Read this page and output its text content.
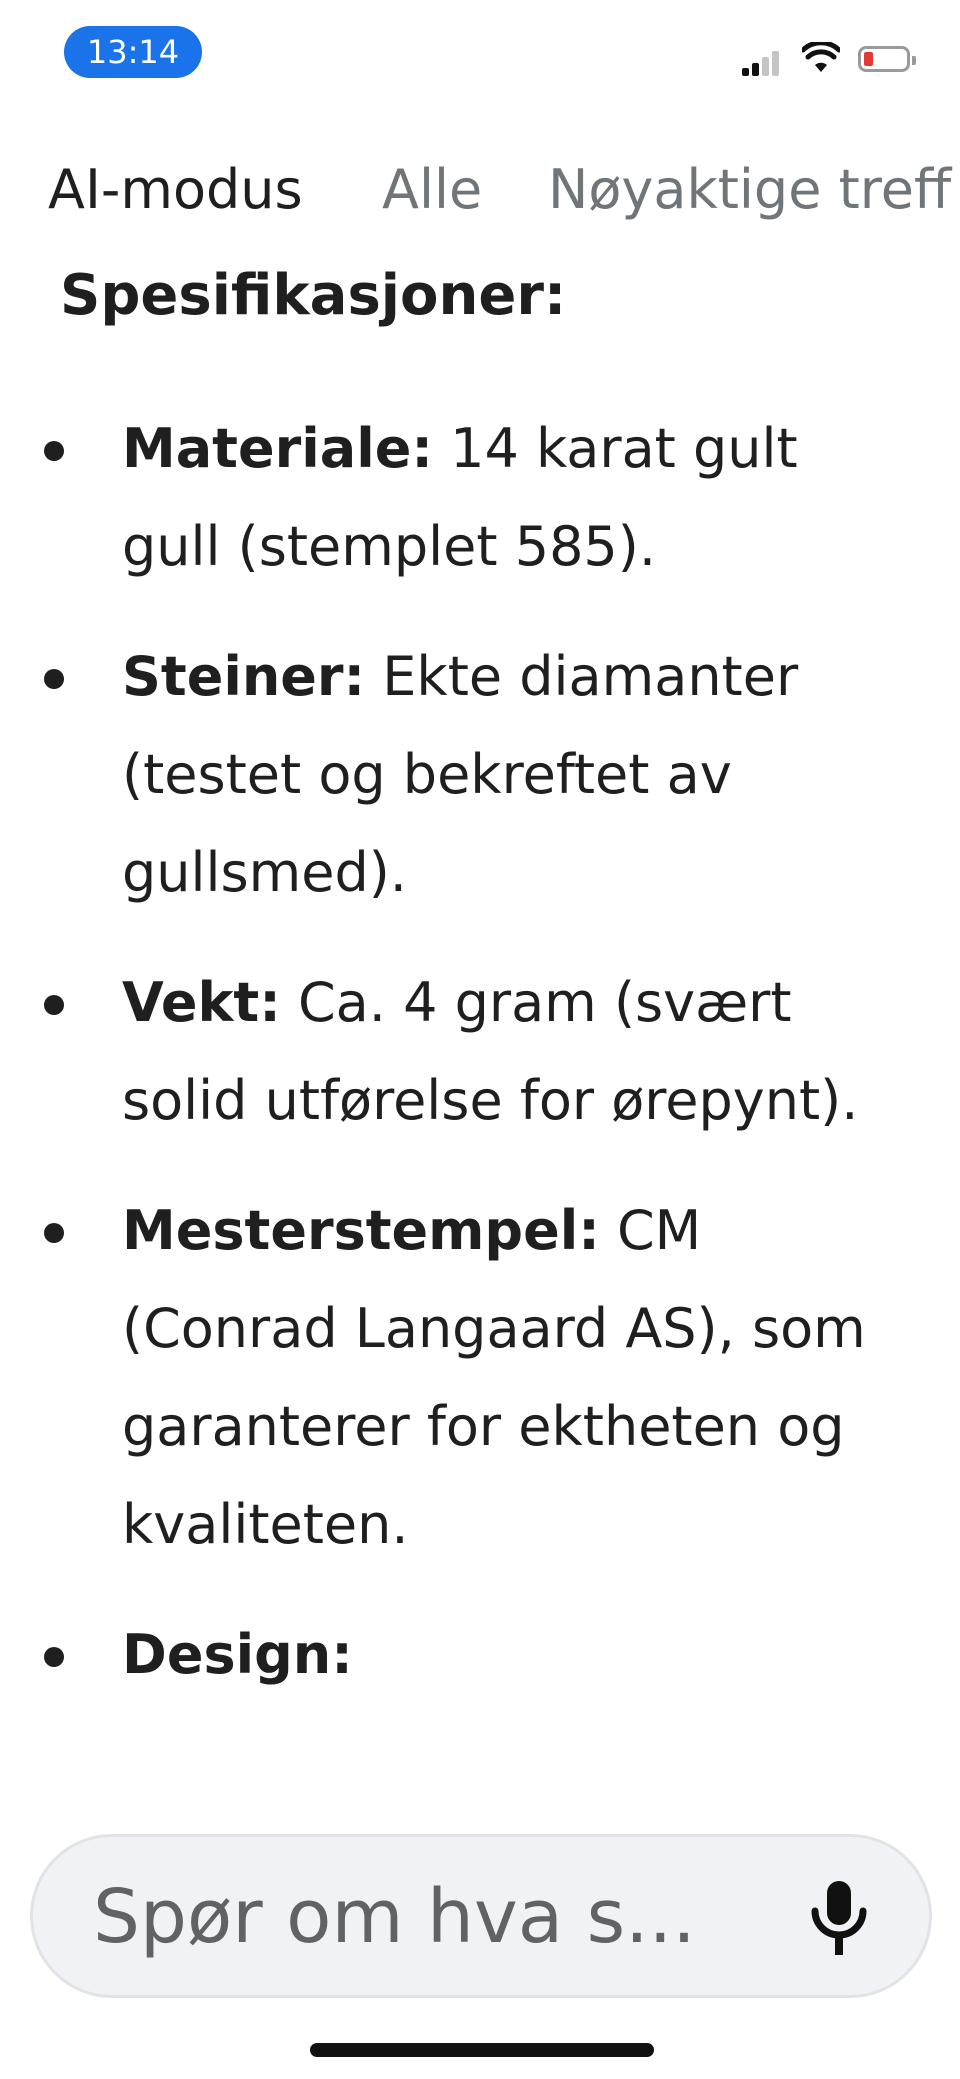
13:14
AI-modus Alle Nøyaktige treff
Spesifikasjoner:
Materiale: 14 karat gult gull (stemplet 585).
Steiner: Ekte diamanter (testet og bekreftet av gullsmed).
Vekt: Ca. 4 gram (svært solid utførelse for ørepynt).
Mesterstempel: CM (Conrad Langaard AS), som garanterer for ektheten og kvaliteten.
Design:
Spør om hva s...
